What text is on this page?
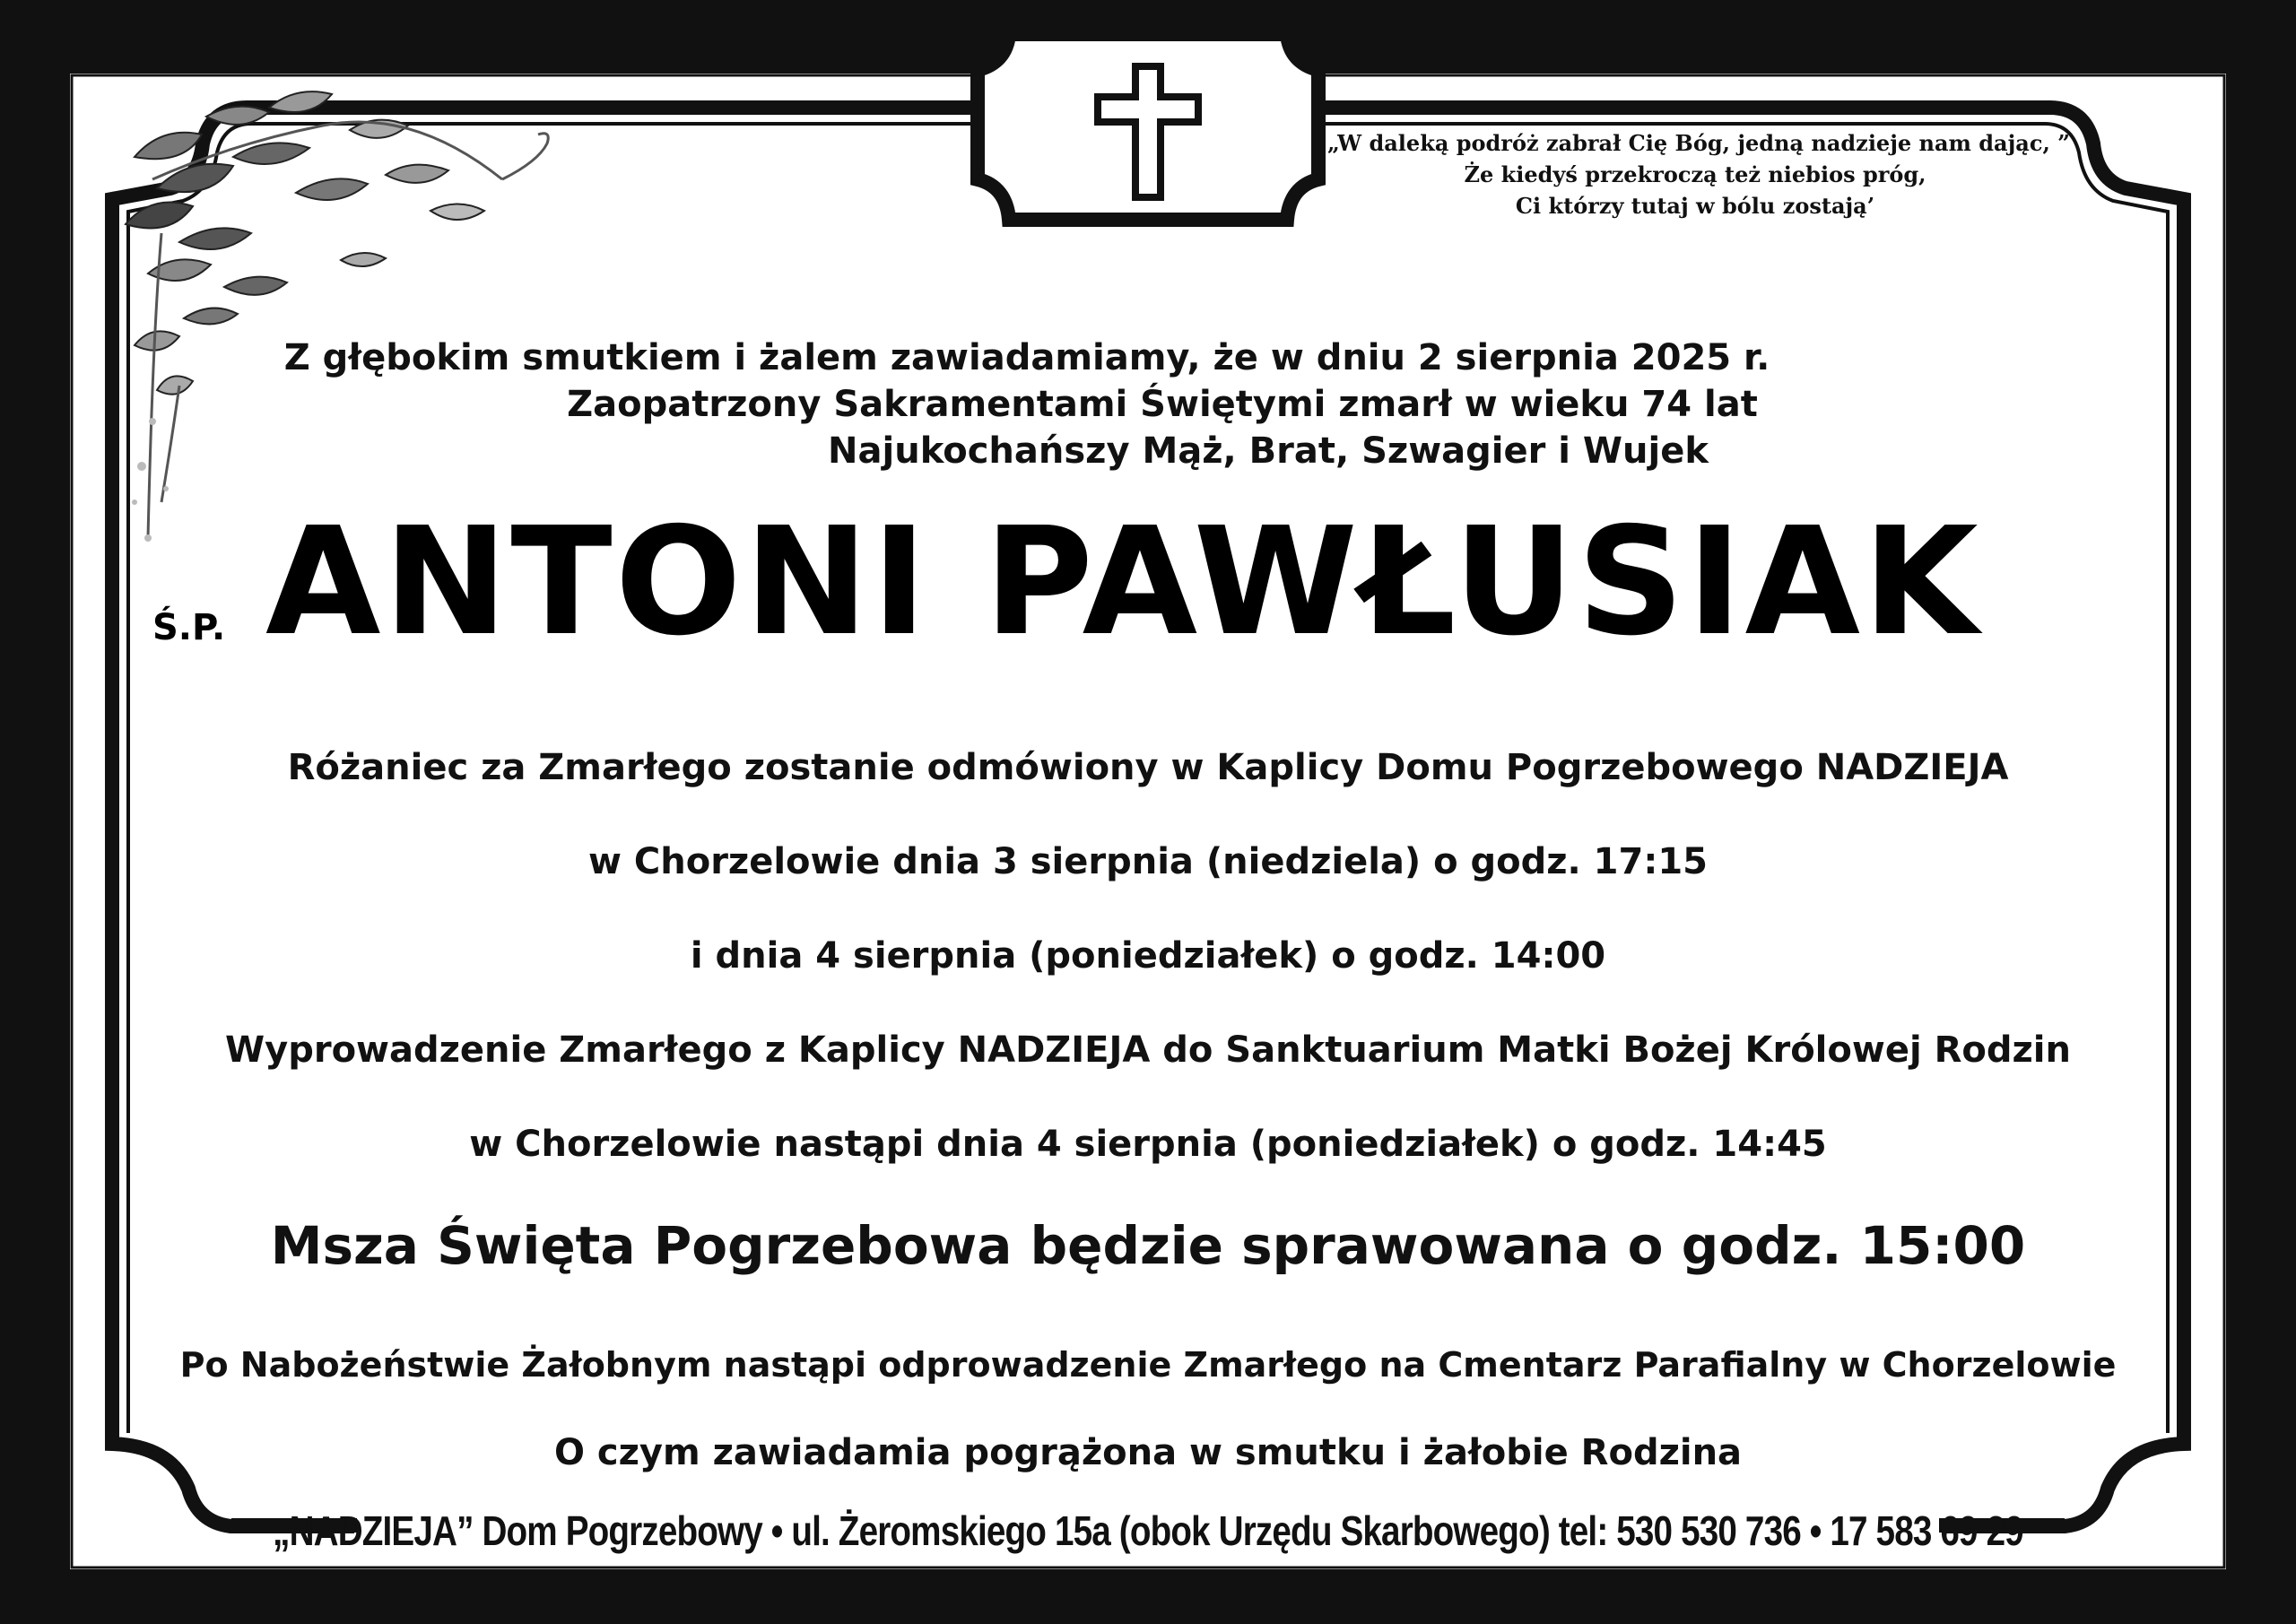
„W daleką podróż zabrał Cię Bóg, jedną nadzieje nam dając, ”
Że kiedyś przekroczą też niebios próg,
Ci którzy tutaj w bólu zostają’
Z głębokim smutkiem i żalem zawiadamiamy, że w dniu 2 sierpnia 2025 r.
Zaopatrzony Sakramentami Świętymi zmarł w wieku 74 lat
Najukochańszy Mąż, Brat, Szwagier i Wujek
Ś.P. ANTONI PAWŁUSIAK
Różaniec za Zmarłego zostanie odmówiony w Kaplicy Domu Pogrzebowego NADZIEJA
w Chorzelowie dnia 3 sierpnia (niedziela) o godz. 17:15
i dnia 4 sierpnia (poniedziałek) o godz. 14:00
Wyprowadzenie Zmarłego z Kaplicy NADZIEJA do Sanktuarium Matki Bożej Królowej Rodzin
w Chorzelowie nastąpi dnia 4 sierpnia (poniedziałek) o godz. 14:45
Msza Święta Pogrzebowa będzie sprawowana o godz. 15:00
Po Nabożeństwie Żałobnym nastąpi odprowadzenie Zmarłego na Cmentarz Parafialny w Chorzelowie
O czym zawiadamia pogrążona w smutku i żałobie Rodzina
„NADZIEJA” Dom Pogrzebowy • ul. Żeromskiego 15a (obok Urzędu Skarbowego) tel: 530 530 736 • 17 583 69 29
